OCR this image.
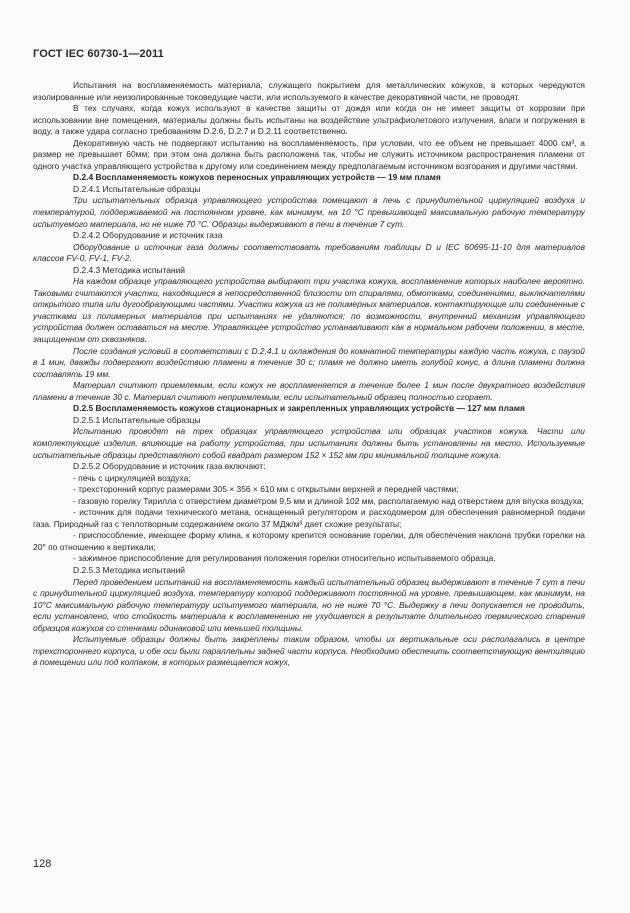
ГОСТ IEC 60730-1—2011
Испытания на воспламеняемость материала, служащего покрытием для металлических кожухов, в которых чередуются изолированные или неизолированные токоведущие части, или используемого в качестве декоративной части, не проводят.
В тех случаях, когда кожух используют в качестве защиты от дождя или когда он не имеет защиты от коррозии при использовании вне помещения, материалы должны быть испытаны на воздействие ультрафиолетового излучения, влаги и погружения в воду, а также удара согласно требованиям D.2.6, D.2.7 и D.2.11 соответственно.
Декоративную часть не подвергают испытанию на воспламеняемость, при условии, что ее объем не превышает 4000 см³, а размер не превышает 60мм; при этом она должна быть расположена так, чтобы не служить источником распространения пламени от одного участка управляющего устройства к другому или соединением между предполагаемым источником возгорания и другими частями.
D.2.4 Воспламеняемость кожухов переносных управляющих устройств — 19 мм пламя
D.2.4.1 Испытательные образцы
Три испытательных образца управляющего устройства помещают в печь с принудительной циркуляцией воздуха и температурой, поддерживаемой на постоянном уровне, как минимум, на 10 °С превышающей максимальную рабочую температуру испытуемого материала, но не ниже 70 °С. Образцы выдерживают в печи в течение 7 сут.
D.2.4.2 Оборудование и источник газа
Оборудование и источник газа должны соответствовать требованиям таблицы D и IEC 60695-11-10 для материалов классов FV-0, FV-1, FV-2.
D.2.4.3 Методика испытаний
На каждом образце управляющего устройства выбирают три участка кожуха, воспламенение которых наиболее вероятно. Таковыми считаются участки, находящиеся в непосредственной близости от спиралями, обмотками, соединениями, выключателями открытого типа или дугообразующими частями. Участки кожуха из не полимерных материалов, контактирующие или соединенные с участками из полимерных материалов при испытаниях не удаляются; по возможности, внутренний механизм управляющего устройства должен оставаться на месте. Управляющее устройство устанавливают как в нормальном рабочем положении, в месте, защищенном от сквозняков.
После создания условий в соответствии с D.2.4.1 и охлаждения до комнатной температуры каждую часть кожуха, с паузой в 1 мин, дважды подвергают воздействию пламени в течение 30 с; пламя не должно иметь голубой конус, а длина пламени должна составлять 19 мм.
Материал считают приемлемым, если кожух не воспламеняется в течение более 1 мин после двукратного воздействия пламени в течение 30 с. Материал считают неприемлемым, если испытательный образец полностью сгорает.
D.2.5 Воспламеняемость кожухов стационарных и закрепленных управляющих устройств — 127 мм пламя
D.2.5.1 Испытательные образцы
Испытанию проводят на трех образцах управляющего устройства или образцах участков кожуха. Части или комплектующие изделия, влияющие на работу устройства, при испытаниях должны быть установлены на место. Используемые испытательные образцы представляют собой квадрат размером 152 × 152 мм при минимальной толщине кожуха.
D.2.5.2 Оборудование и источник газа включают:
- печь с циркуляцией воздуха;
- трехсторонний корпус размерами 305 × 356 × 610 мм с открытыми верхней и передней частями;
- газовую горелку Тирилла с отверстием диаметром 9,5 мм и длиной 102 мм, располагаемую над отверстием для впуска воздуха;
- источник для подачи технического метана, оснащенный регулятором и расходомером для обеспечения равномерной подачи газа. Природный газ с теплотворным содержанием около 37 МДж/м³ дает схожие результаты;
- приспособление, имеющее форму клина, к которому крепится основание горелки, для обеспечения наклона трубки горелки на 20° по отношению к вертикали;
- зажимное приспособление для регулирования положения горелки относительно испытываемого образца.
D.2.5.3 Методика испытаний
Перед проведением испытаний на воспламеняемость каждый испытательный образец выдерживают в течение 7 сут в печи с принудительной циркуляцией воздуха, температуру которой поддерживают постоянной на уровне, превышающем, как минимум, на 10°С максимальную рабочую температуру испытуемого материала, но не ниже 70 °С. Выдержку в печи допускается не проводить, если установлено, что стойкость материала к воспламенению не ухудшается в результате длительного термического старения образцов кожухов со стенками одинаковой или меньшей толщины.
Испытуемые образцы должны быть закреплены таким образом, чтобы их вертикальные оси располагались в центре трехстороннего корпуса, и обе оси были параллельны задней части корпуса. Необходимо обеспечить соответствующую вентиляцию в помещении или под колпаком, в которых размещается кожух,
128
